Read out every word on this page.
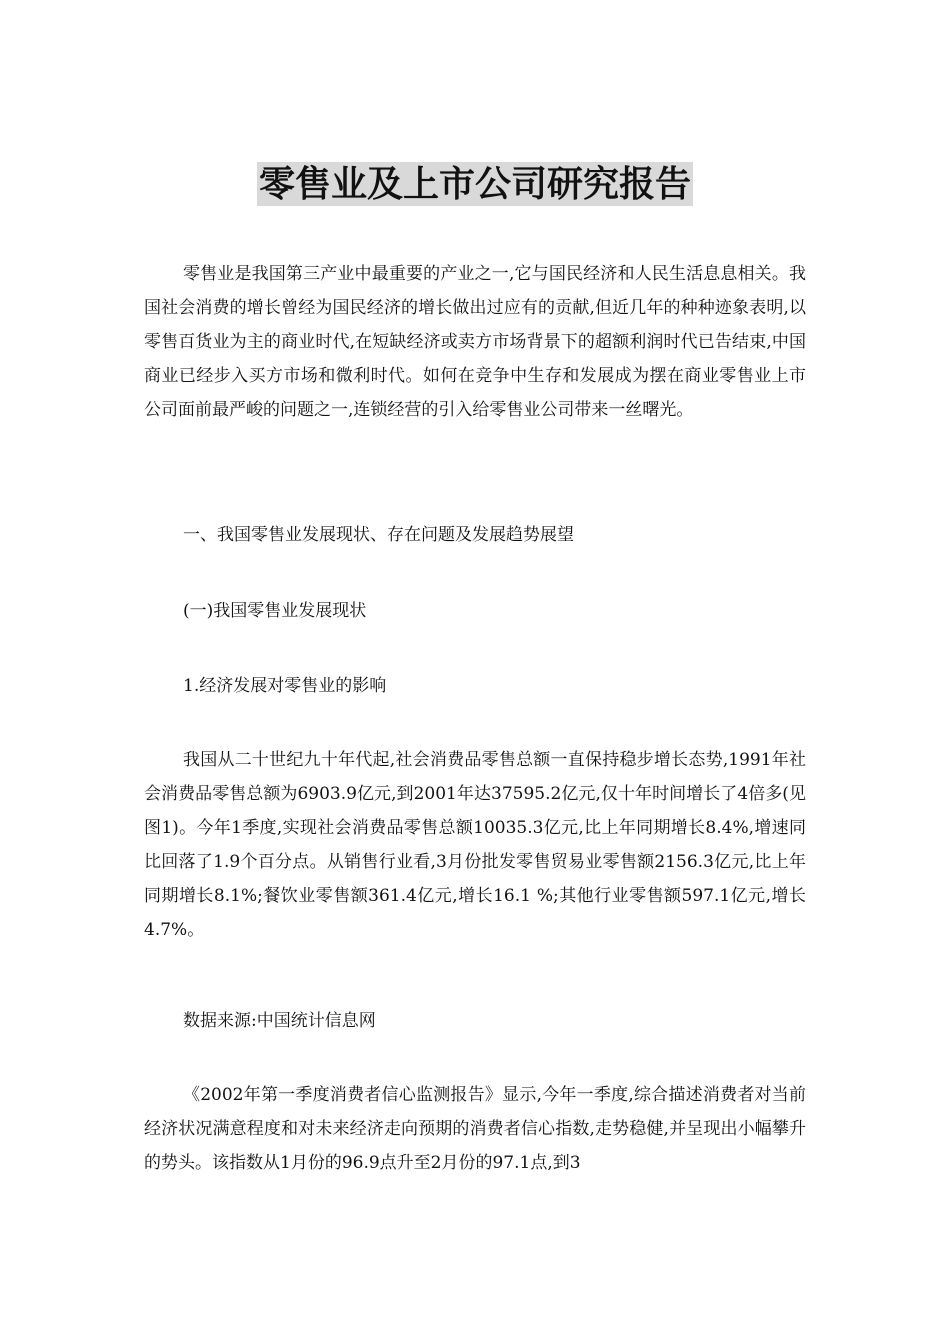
零售业及上市公司研究报告

零售业是我国第三产业中最重要的产业之一,它与国民经济和人民生活息息相关。我国社会消费的增长曾经为国民经济的增长做出过应有的贡献,但近几年的种种迹象表明,以零售百货业为主的商业时代,在短缺经济或卖方市场背景下的超额利润时代已告结束,中国商业已经步入买方市场和微利时代。如何在竞争中生存和发展成为摆在商业零售业上市公司面前最严峻的问题之一,连锁经营的引入给零售业公司带来一丝曙光。

一、我国零售业发展现状、存在问题及发展趋势展望

(一)我国零售业发展现状

1.经济发展对零售业的影响

我国从二十世纪九十年代起,社会消费品零售总额一直保持稳步增长态势,1991年社会消费品零售总额为6903.9亿元,到2001年达37595.2亿元,仅十年时间增长了4倍多(见图1)。今年1季度,实现社会消费品零售总额10035.3亿元,比上年同期增长8.4%,增速同比回落了1.9个百分点。从销售行业看,3月份批发零售贸易业零售额2156.3亿元,比上年同期增长8.1%;餐饮业零售额361.4亿元,增长16.1 %;其他行业零售额597.1亿元,增长4.7%。

数据来源:中国统计信息网

《2002年第一季度消费者信心监测报告》显示,今年一季度,综合描述消费者对当前经济状况满意程度和对未来经济走向预期的消费者信心指数,走势稳健,并呈现出小幅攀升的势头。该指数从1月份的96.9点升至2月份的97.1点,到3
